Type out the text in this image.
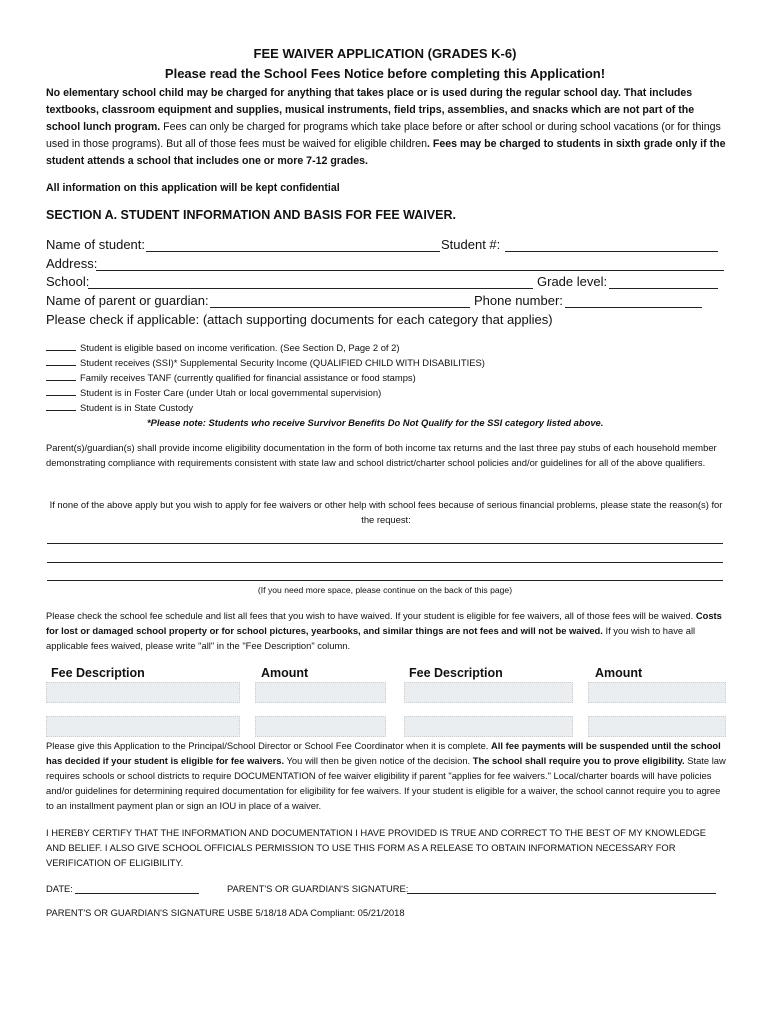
FEE WAIVER APPLICATION (GRADES K-6)
Please read the School Fees Notice before completing this Application!
No elementary school child may be charged for anything that takes place or is used during the regular school day. That includes textbooks, classroom equipment and supplies, musical instruments, field trips, assemblies, and snacks which are not part of the school lunch program. Fees can only be charged for programs which take place before or after school or during school vacations (or for things used in those programs). But all of those fees must be waived for eligible children. Fees may be charged to students in sixth grade only if the student attends a school that includes one or more 7-12 grades.
All information on this application will be kept confidential
SECTION A. STUDENT INFORMATION AND BASIS FOR FEE WAIVER.
Name of student:	Student #:
Address:
School:	Grade level:
Name of parent or guardian:	Phone number:
Please check if applicable: (attach supporting documents for each category that applies)
Student is eligible based on income verification. (See Section D, Page 2 of 2)
Student receives (SSI)* Supplemental Security Income (QUALIFIED CHILD WITH DISABILITIES)
Family receives TANF (currently qualified for financial assistance or food stamps)
Student is in Foster Care (under Utah or local governmental supervision)
Student is in State Custody
*Please note: Students who receive Survivor Benefits Do Not Qualify for the SSI category listed above.
Parent(s)/guardian(s) shall provide income eligibility documentation in the form of both income tax returns and the last three pay stubs of each household member demonstrating compliance with requirements consistent with state law and school district/charter school policies and/or guidelines for all of the above qualifiers.
If none of the above apply but you wish to apply for fee waivers or other help with school fees because of serious financial problems, please state the reason(s) for the request:
(If you need more space, please continue on the back of this page)
Please check the school fee schedule and list all fees that you wish to have waived. If your student is eligible for fee waivers, all of those fees will be waived. Costs for lost or damaged school property or for school pictures, yearbooks, and similar things are not fees and will not be waived. If you wish to have all applicable fees waived, please write "all" in the "Fee Description" column.
Fee Description	Amount	Fee Description	Amount
Please give this Application to the Principal/School Director or School Fee Coordinator when it is complete. All fee payments will be suspended until the school has decided if your student is eligible for fee waivers. You will then be given notice of the decision. The school shall require you to prove eligibility. State law requires schools or school districts to require DOCUMENTATION of fee waiver eligibility if parent "applies for fee waivers." Local/charter boards will have policies and/or guidelines for determining required documentation for eligibility for fee waivers. If your student is eligible for a waiver, the school cannot require you to agree to an installment payment plan or sign an IOU in place of a waiver.
I HEREBY CERTIFY THAT THE INFORMATION AND DOCUMENTATION I HAVE PROVIDED IS TRUE AND CORRECT TO THE BEST OF MY KNOWLEDGE AND BELIEF. I ALSO GIVE SCHOOL OFFICIALS PERMISSION TO USE THIS FORM AS A RELEASE TO OBTAIN INFORMATION NECESSARY FOR VERIFICATION OF ELIGIBILITY.
DATE:	PARENT'S OR GUARDIAN'S SIGNATURE:
PARENT'S OR GUARDIAN'S SIGNATURE USBE 5/18/18 ADA Compliant: 05/21/2018
